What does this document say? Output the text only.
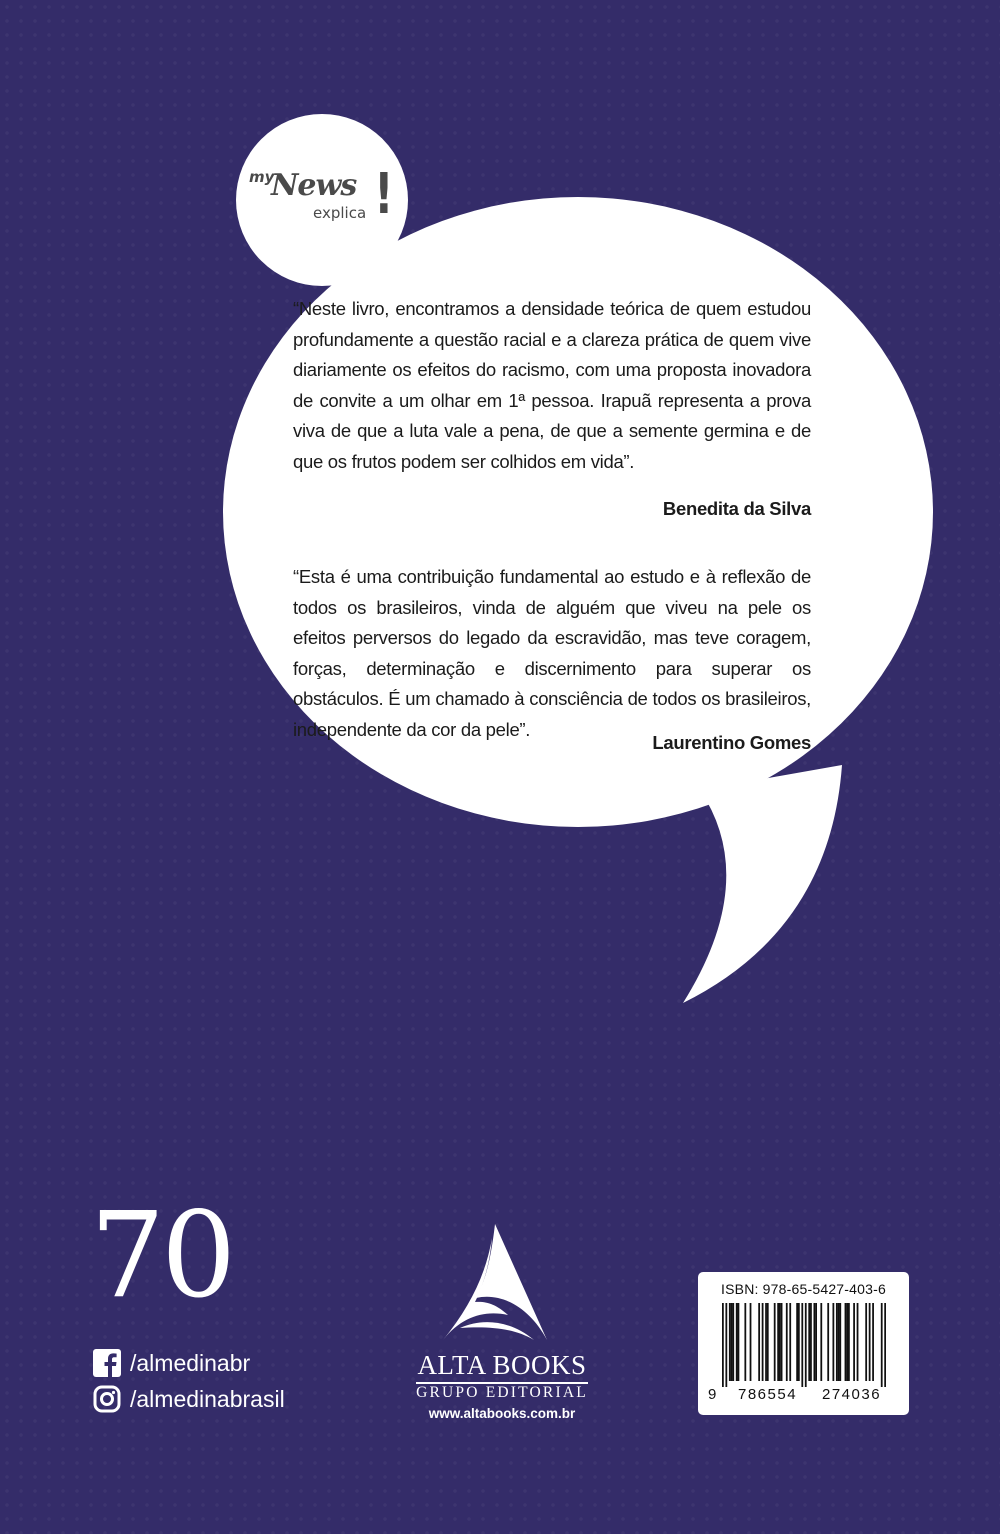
my
News
explica !
“Neste livro, encontramos a densidade teórica de quem estudou profundamente a questão racial e a clareza prática de quem vive diariamente os efeitos do racismo, com uma proposta inovadora de convite a um olhar em 1ª pessoa. Irapuã representa a prova viva de que a luta vale a pena, de que a semente germina e de que os frutos podem ser colhidos em vida”.
Benedita da Silva
“Esta é uma contribuição fundamental ao estudo e à reflexão de todos os brasileiros, vinda de alguém que viveu na pele os efeitos perversos do legado da escravidão, mas teve coragem, forças, determinação e discernimento para superar os obstáculos. É um chamado à consciência de todos os brasileiros, independente da cor da pele”.
Laurentino Gomes
70
/almedinabr
/almedinabrasil
ALTA BOOKS
GRUPO EDITORIAL
www.altabooks.com.br
ISBN: 978-65-5427-403-6
9 786554 274036
